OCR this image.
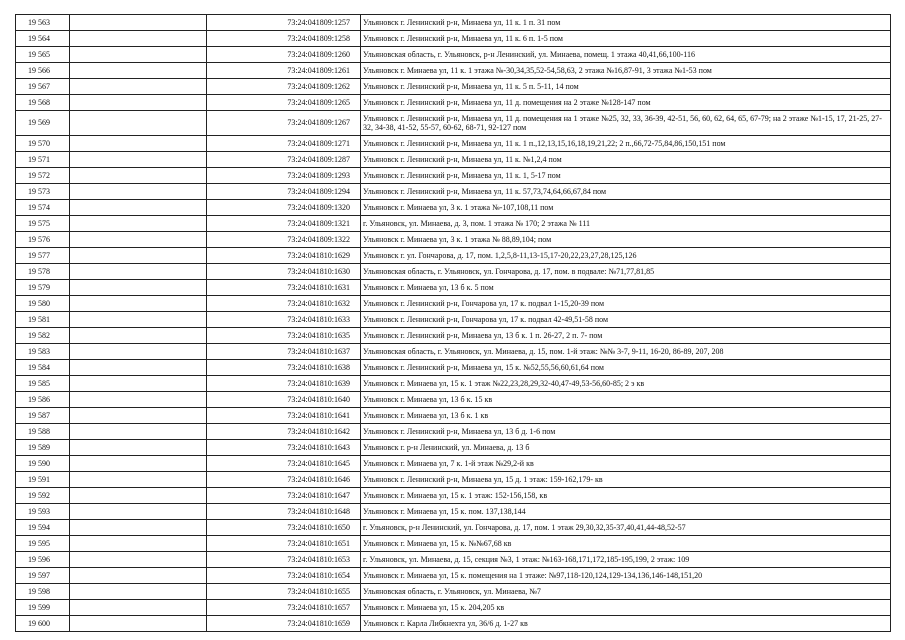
19 563		73:24:041809:1257	Ульяновск г. Ленинский р-н, Минаева ул, 11 к. 1 п. 31 пом
19 564		73:24:041809:1258	Ульяновск г. Ленинский р-н, Минаева ул, 11 к. 6 п. 1-5 пом
19 565		73:24:041809:1260	Ульяновская область, г. Ульяновск, р-н Ленинский, ул. Минаева, помещ. 1 этажа 40,41,66,100-116
19 566		73:24:041809:1261	Ульяновск г. Минаева ул, 11 к. 1 этажа №-30,34,35,52-54,58,63, 2 этажа №16,87-91, 3 этажа №1-53 пом
19 567		73:24:041809:1262	Ульяновск г. Ленинский р-н, Минаева ул, 11 к. 5 п. 5-11, 14 пом
19 568		73:24:041809:1265	Ульяновск г. Ленинский р-н, Минаева ул, 11 д. помещения на 2 этаже №128-147 пом
19 569		73:24:041809:1267	Ульяновск г. Ленинский р-н, Минаева ул, 11 д. помещения на 1 этаже №25, 32, 33, 36-39, 42-51, 56, 60, 62, 64, 65, 67-79; на 2 этаже №1-15, 17, 21-25, 27-32, 34-38, 41-52, 55-57, 60-62, 68-71, 92-127 пом

19 570		73:24:041809:1271	Ульяновск г. Ленинский р-н, Минаева ул, 11 к. 1 п.,12,13,15,16,18,19,21,22; 2 п.,66,72-75,84,86,150,151 пом
19 571		73:24:041809:1287	Ульяновск г. Ленинский р-н, Минаева ул, 11 к. №1,2,4 пом
19 572		73:24:041809:1293	Ульяновск г. Ленинский р-н, Минаева ул, 11 к. 1, 5-17 пом
19 573		73:24:041809:1294	Ульяновск г. Ленинский р-н, Минаева ул, 11 к. 57,73,74,64,66,67,84 пом
19 574		73:24:041809:1320	Ульяновск г. Минаева ул, 3 к. 1 этажа №-107,108,11 пом
19 575		73:24:041809:1321	г. Ульяновск, ул. Минаева, д. 3, пом. 1 этажа № 170; 2 этажа № 111
19 576		73:24:041809:1322	Ульяновск г. Минаева ул, 3 к. 1 этажа № 88,89,104; пом
19 577		73:24:041810:1629	Ульяновск г. ул. Гончарова, д. 17, пом. 1,2,5,8-11,13-15,17-20,22,23,27,28,125,126
19 578		73:24:041810:1630	Ульяновская область, г. Ульяновск, ул. Гончарова, д. 17, пом. в подвале: №71,77,81,85
19 579		73:24:041810:1631	Ульяновск г. Минаева ул, 13 б к. 5 пом
19 580		73:24:041810:1632	Ульяновск г. Ленинский р-н, Гончарова ул, 17 к. подвал 1-15,20-39 пом
19 581		73:24:041810:1633	Ульяновск г. Ленинский р-н, Гончарова ул, 17 к. подвал 42-49,51-58 пом
19 582		73:24:041810:1635	Ульяновск г. Ленинский р-н, Минаева ул, 13 б к. 1 п. 26-27, 2 п. 7- пом
19 583		73:24:041810:1637	Ульяновская область, г. Ульяновск, ул. Минаева, д. 15, пом. 1-й этаж: №№ 3-7, 9-11, 16-20, 86-89, 207, 208
19 584		73:24:041810:1638	Ульяновск г. Ленинский р-н, Минаева ул, 15 к. №52,55,56,60,61,64 пом
19 585		73:24:041810:1639	Ульяновск г. Минаева ул, 15 к. 1 этаж №22,23,28,29,32-40,47-49,53-56,60-85; 2 э кв
19 586		73:24:041810:1640	Ульяновск г. Минаева ул, 13 б к. 15 кв
19 587		73:24:041810:1641	Ульяновск г. Минаева ул, 13 б к. 1 кв
19 588		73:24:041810:1642	Ульяновск г. Ленинский р-н, Минаева ул, 13 б д. 1-6 пом
19 589		73:24:041810:1643	Ульяновск г. р-н Ленинский, ул. Минаева, д. 13 б
19 590		73:24:041810:1645	Ульяновск г. Минаева ул, 7 к. 1-й этаж №29,2-й кв
19 591		73:24:041810:1646	Ульяновск г. Ленинский р-н, Минаева ул, 15 д. 1 этаж: 159-162,179- кв
19 592		73:24:041810:1647	Ульяновск г. Минаева ул, 15 к. 1 этаж: 152-156,158, кв
19 593		73:24:041810:1648	Ульяновск г. Минаева ул, 15 к. пом. 137,138,144
19 594		73:24:041810:1650	г. Ульяновск, р-н Ленинский, ул. Гончарова, д. 17, пом. 1 этаж 29,30,32,35-37,40,41,44-48,52-57
19 595		73:24:041810:1651	Ульяновск г. Минаева ул, 15 к. №№67,68 кв
19 596		73:24:041810:1653	г. Ульяновск, ул. Минаева, д. 15, секция №3, 1 этаж: №163-168,171,172,185-195,199, 2 этаж: 109
19 597		73:24:041810:1654	Ульяновск г. Минаева ул, 15 к. помещения на 1 этаже: №97,118-120,124,129-134,136,146-148,151,20
19 598		73:24:041810:1655	Ульяновская область, г. Ульяновск, ул. Минаева, №7
19 599		73:24:041810:1657	Ульяновск г. Минаева ул, 15 к. 204,205 кв
19 600		73:24:041810:1659	Ульяновск г. Карла Либкнехта ул, 36/6 д. 1-27 кв
